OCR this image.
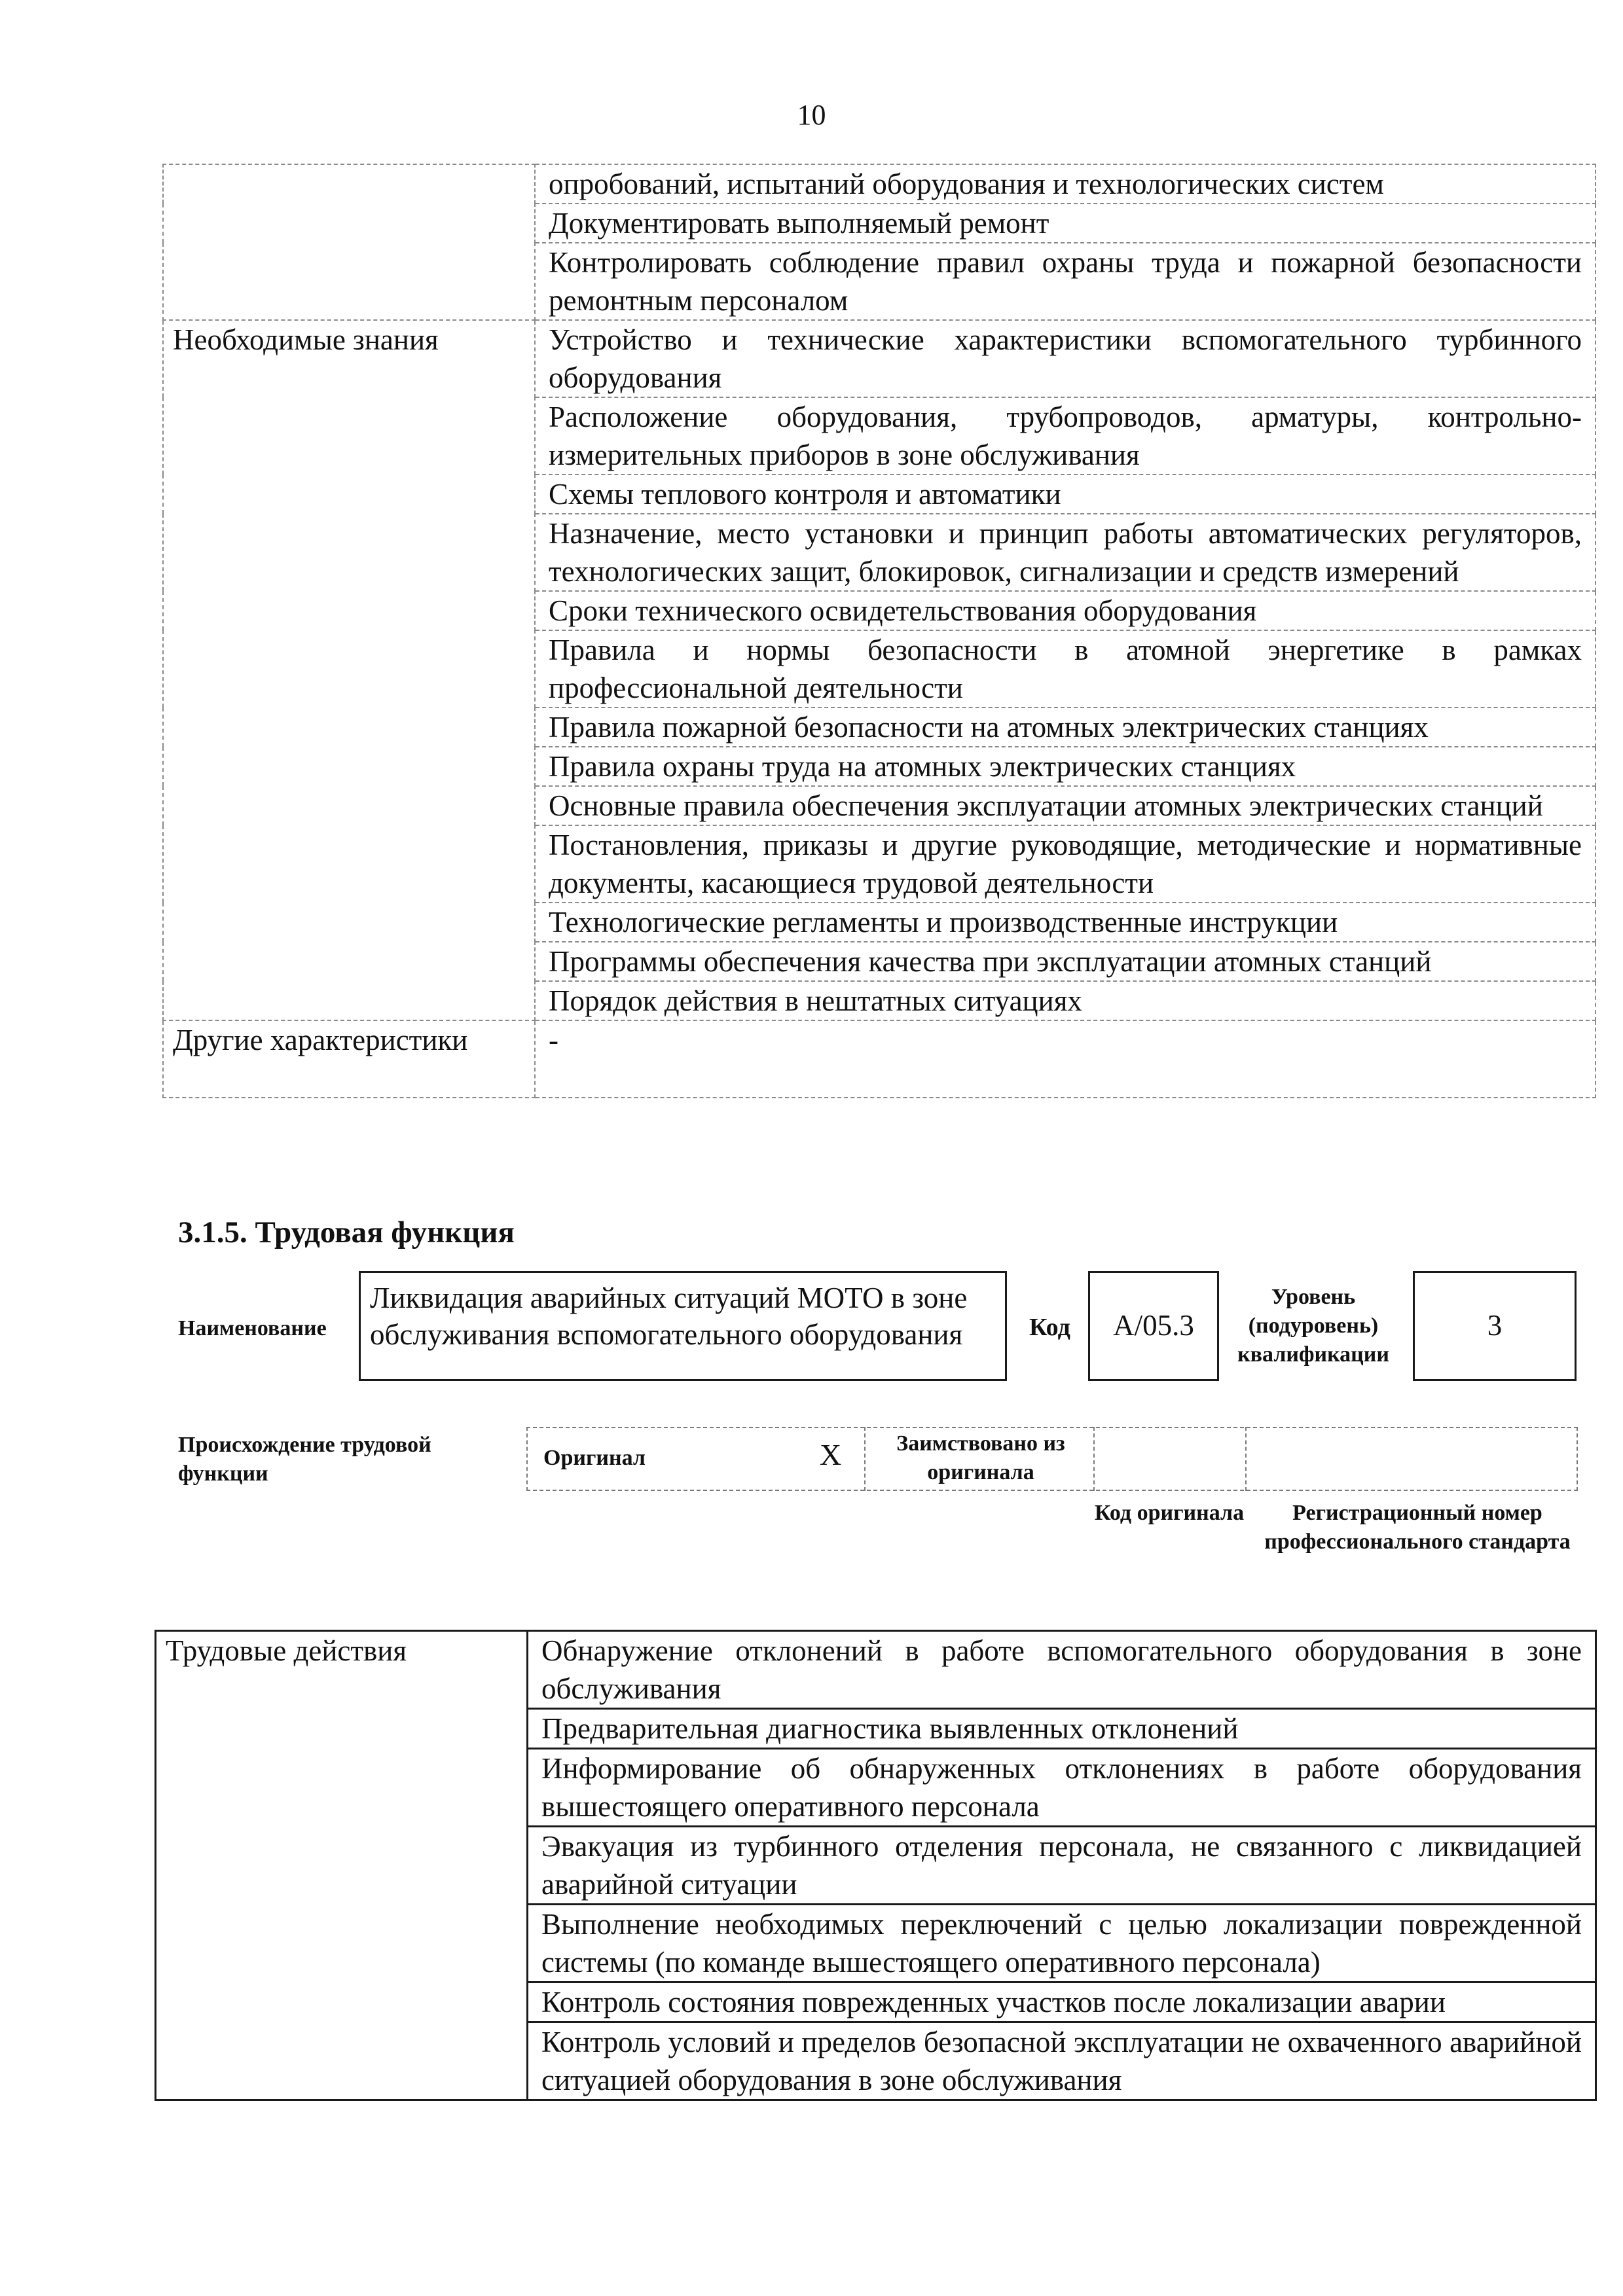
10
	опробований, испытаний оборудования и технологических систем
	Документировать выполняемый ремонт
	Контролировать соблюдение правил охраны труда и пожарной безопасности ремонтным персоналом
Необходимые знания	Устройство и технические характеристики вспомогательного турбинного оборудования
	Расположение оборудования, трубопроводов, арматуры, контрольно-измерительных приборов в зоне обслуживания
	Схемы теплового контроля и автоматики
	Назначение, место установки и принцип работы автоматических регуляторов, технологических защит, блокировок, сигнализации и средств измерений
	Сроки технического освидетельствования оборудования
	Правила и нормы безопасности в атомной энергетике в рамках профессиональной деятельности
	Правила пожарной безопасности на атомных электрических станциях
	Правила охраны труда на атомных электрических станциях
	Основные правила обеспечения эксплуатации атомных электрических станций
	Постановления, приказы и другие руководящие, методические и нормативные документы, касающиеся трудовой деятельности
	Технологические регламенты и производственные инструкции
	Программы обеспечения качества при эксплуатации атомных станций
	Порядок действия в нештатных ситуациях
Другие характеристики	-
3.1.5. Трудовая функция
Наименование
Ликвидация аварийных ситуаций МОТО в зоне обслуживания вспомогательного оборудования	Код	А/05.3
Уровень (подуровень) квалификации
3
Происхождение трудовой функции
Оригинал	X	Заимствовано из оригинала
Код оригинала	Регистрационный номер профессионального стандарта
Трудовые действия	Обнаружение отклонений в работе вспомогательного оборудования в зоне обслуживания
Предварительная диагностика выявленных отклонений
Информирование об обнаруженных отклонениях в работе оборудования вышестоящего оперативного персонала
Эвакуация из турбинного отделения персонала, не связанного с ликвидацией аварийной ситуации
Выполнение необходимых переключений с целью локализации поврежденной системы (по команде вышестоящего оперативного персонала)
Контроль состояния поврежденных участков после локализации аварии
Контроль условий и пределов безопасной эксплуатации не охваченного аварийной ситуацией оборудования в зоне обслуживания
